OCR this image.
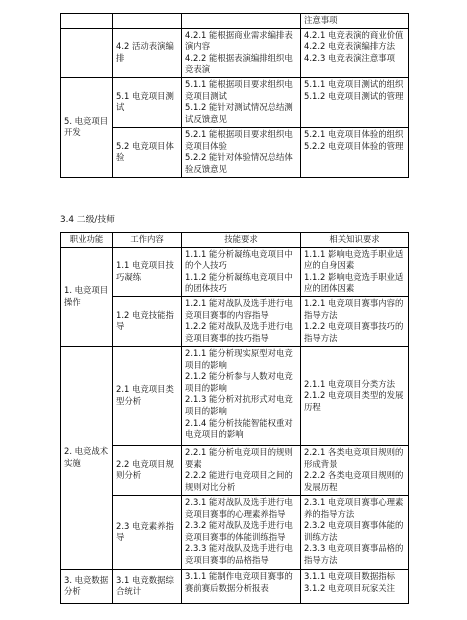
			注意事项
	4.2 活动表演编排	4.2.1 能根据商业需求编排表演内容
4.2.2 能根据表演编排组织电竞表演	4.2.1 电竞表演的商业价值
4.2.2 电竞表演编排方法
4.2.3 电竞表演注意事项

5. 电竞项目开发	5.1 电竞项目测试	5.1.1 能根据项目要求组织电竞项目测试
5.1.2 能针对测试情况总结测试反馈意见	5.1.1 电竞项目测试的组织
5.1.2 电竞项目测试的管理

	5.2 电竞项目体验	5.2.1 能根据项目要求组织电竞项目体验
5.2.2 能针对体验情况总结体验反馈意见	5.2.1 电竞项目体验的组织
5.2.2 电竞项目体验的管理
3.4 二级/技师
职业功能	工作内容	技能要求	相关知识要求
1. 电竞项目操作	1.1 电竞项目技巧凝练	1.1.1 能分析凝练电竞项目中的个人技巧
1.1.2 能分析凝练电竞项目中的团体技巧	1.1.1 影响电竞选手职业适应的自身因素
1.1.2 影响电竞选手职业适应的团体因素

	1.2 电竞技能指导	1.2.1 能对战队及选手进行电竞项目赛事的内容指导
1.2.2 能对战队及选手进行电竞项目赛事的技巧指导	1.2.1 电竞项目赛事内容的指导方法
1.2.2 电竞项目赛事技巧的指导方法

2. 电竞战术实施	2.1 电竞项目类型分析	2.1.1 能分析现实原型对电竞项目的影响
2.1.2 能分析参与人数对电竞项目的影响
2.1.3 能分析对抗形式对电竞项目的影响
2.1.4 能分析技能智能权重对电竞项目的影响	2.1.1 电竞项目分类方法
2.1.2 电竞项目类型的发展历程

	2.2 电竞项目规则分析	2.2.1 能分析电竞项目的规则要素
2.2.2 能进行电竞项目之间的规则对比分析	2.2.1 各类电竞项目规则的形成背景
2.2.2 各类电竞项目规则的发展历程

	2.3 电竞素养指导	2.3.1 能对战队及选手进行电竞项目赛事的心理素养指导
2.3.2 能对战队及选手进行电竞项目赛事的体能训练指导
2.3.3 能对战队及选手进行电竞项目赛事的品格指导	2.3.1 电竞项目赛事心理素养的指导方法
2.3.2 电竞项目赛事体能的训练方法
2.3.3 电竞项目赛事品格的指导方法

3. 电竞数据分析	3.1 电竞数据综合统计	3.1.1 能制作电竞项目赛事的赛前赛后数据分析报表	3.1.1 电竞项目数据指标
3.1.2 电竞项目玩家关注
